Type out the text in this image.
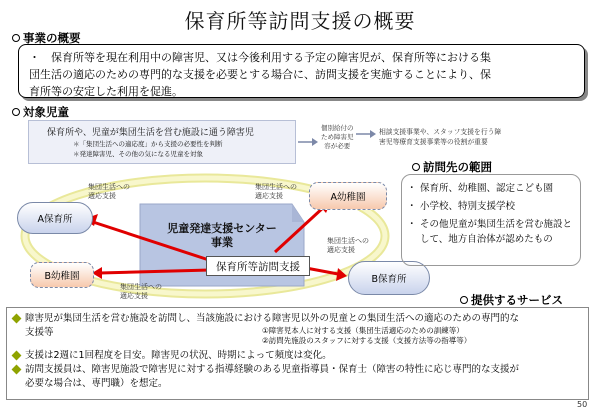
保育所等訪問支援の概要
事業の概要
・　保育所等を現在利用中の障害児、又は今後利用する予定の障害児が、保育所等における集
団生活の適応のための専門的な支援を必要とする場合に、訪問支援を実施することにより、保
育所等の安定した利用を促進。
対象児童
保育所や、児童が集団生活を営む施設に通う障害児
＊「集団生活への適応度」から支援の必要性を判断
＊発達障害児、その他の気になる児童を対象
個別給付の
ため障害児
容が必要
相談支援事業や、スタッフ支援を行う障
害児等療育支援事業等の役割が重要
児童発達支援センター
事業
保育所等訪問支援
A保育所
A幼稚園
B幼稚園	B保育所
集団生活への
適応支援
集団生活への
適応支援
集団生活への
適応支援
集団生活への
適応支援
訪問先の範囲
・ 保育所、幼稚園、認定こども園
・ 小学校、特別支援学校
・ その他児童が集団生活を営む施設として、地方自治体が認めたもの
提供するサービス
障害児が集団生活を営む施設を訪問し、当該施設における障害児以外の児童との集団生活への適応のための専門的な
支援等	①障害児本人に対する支援（集団生活適応のための訓練等）
②訪問先施設のスタッフに対する支援（支援方法等の指導等）
支援は2週に1回程度を目安。障害児の状況、時期によって頻度は変化。
訪問支援員は、障害児施設で障害児に対する指導経験のある児童指導員・保育士（障害の特性に応じ専門的な支援が
必要な場合は、専門職）を想定。
50
